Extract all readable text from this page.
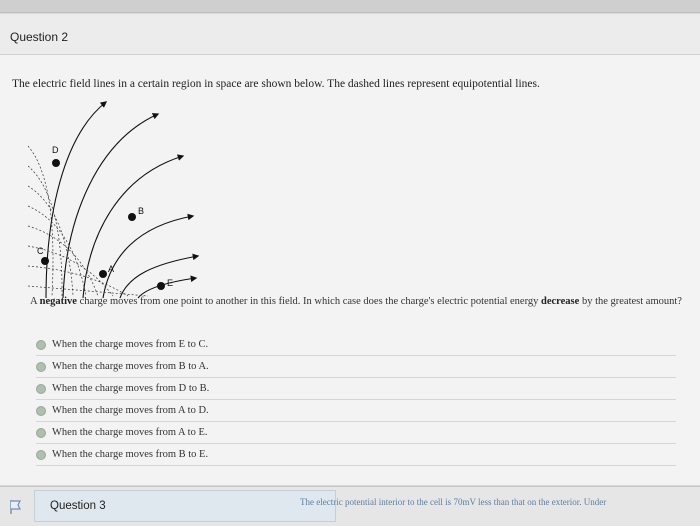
Question 2
The electric field lines in a certain region in space are shown below. The dashed lines represent equipotential lines.
D
B
C
A
E
A negative charge moves from one point to another in this field. In which case does the charge's electric potential energy decrease by the greatest amount?
When the charge moves from E to C.
When the charge moves from B to A.
When the charge moves from D to B.
When the charge moves from A to D.
When the charge moves from A to E.
When the charge moves from B to E.
Question 3	The electric potential interior to the cell is 70mV less than that on the exterior. Under
